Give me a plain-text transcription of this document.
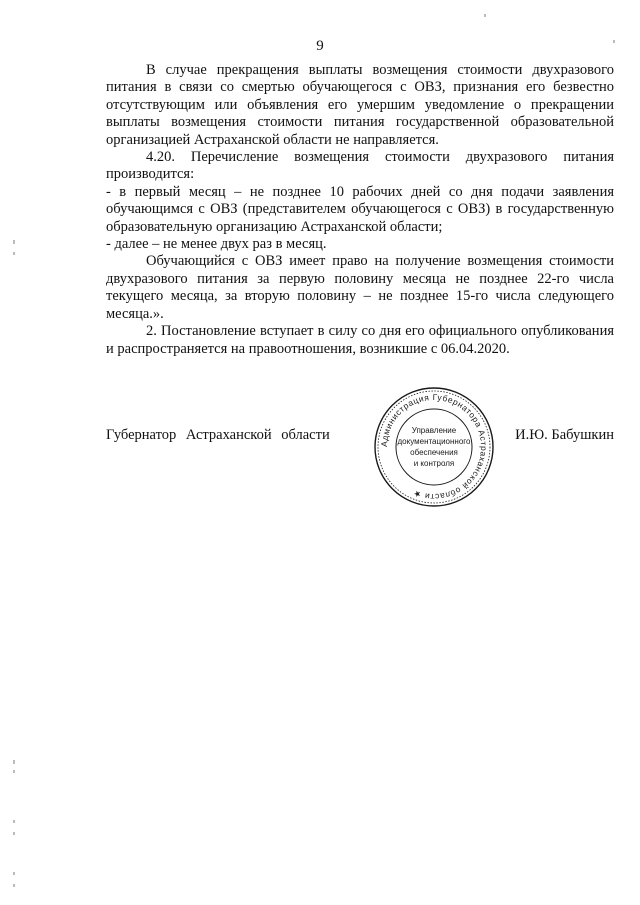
9

В случае прекращения выплаты возмещения стоимости двухразового питания в связи со смертью обучающегося с ОВЗ, признания его безвестно отсутствующим или объявления его умершим уведомление о прекращении выплаты возмещения стоимости питания государственной образовательной организацией Астраханской области не направляется.

4.20. Перечисление возмещения стоимости двухразового питания производится:

- в первый месяц – не позднее 10 рабочих дней со дня подачи заявления обучающимся с ОВЗ (представителем обучающегося с ОВЗ) в государственную образовательную организацию Астраханской области;

- далее – не менее двух раз в месяц.

Обучающийся с ОВЗ имеет право на получение возмещения стоимости двухразового питания за первую половину месяца не позднее 22-го числа текущего месяца, за вторую половину – не позднее 15-го числа следующего месяца.».

2. Постановление вступает в силу со дня его официального опубликования и распространяется на правоотношения, возникшие с 06.04.2020.

Губернатор Астраханской области	И.Ю. Бабушкин
Администрация Губернатора Астраханской области ★
Управление
документационного
обеспечения
и контроля
